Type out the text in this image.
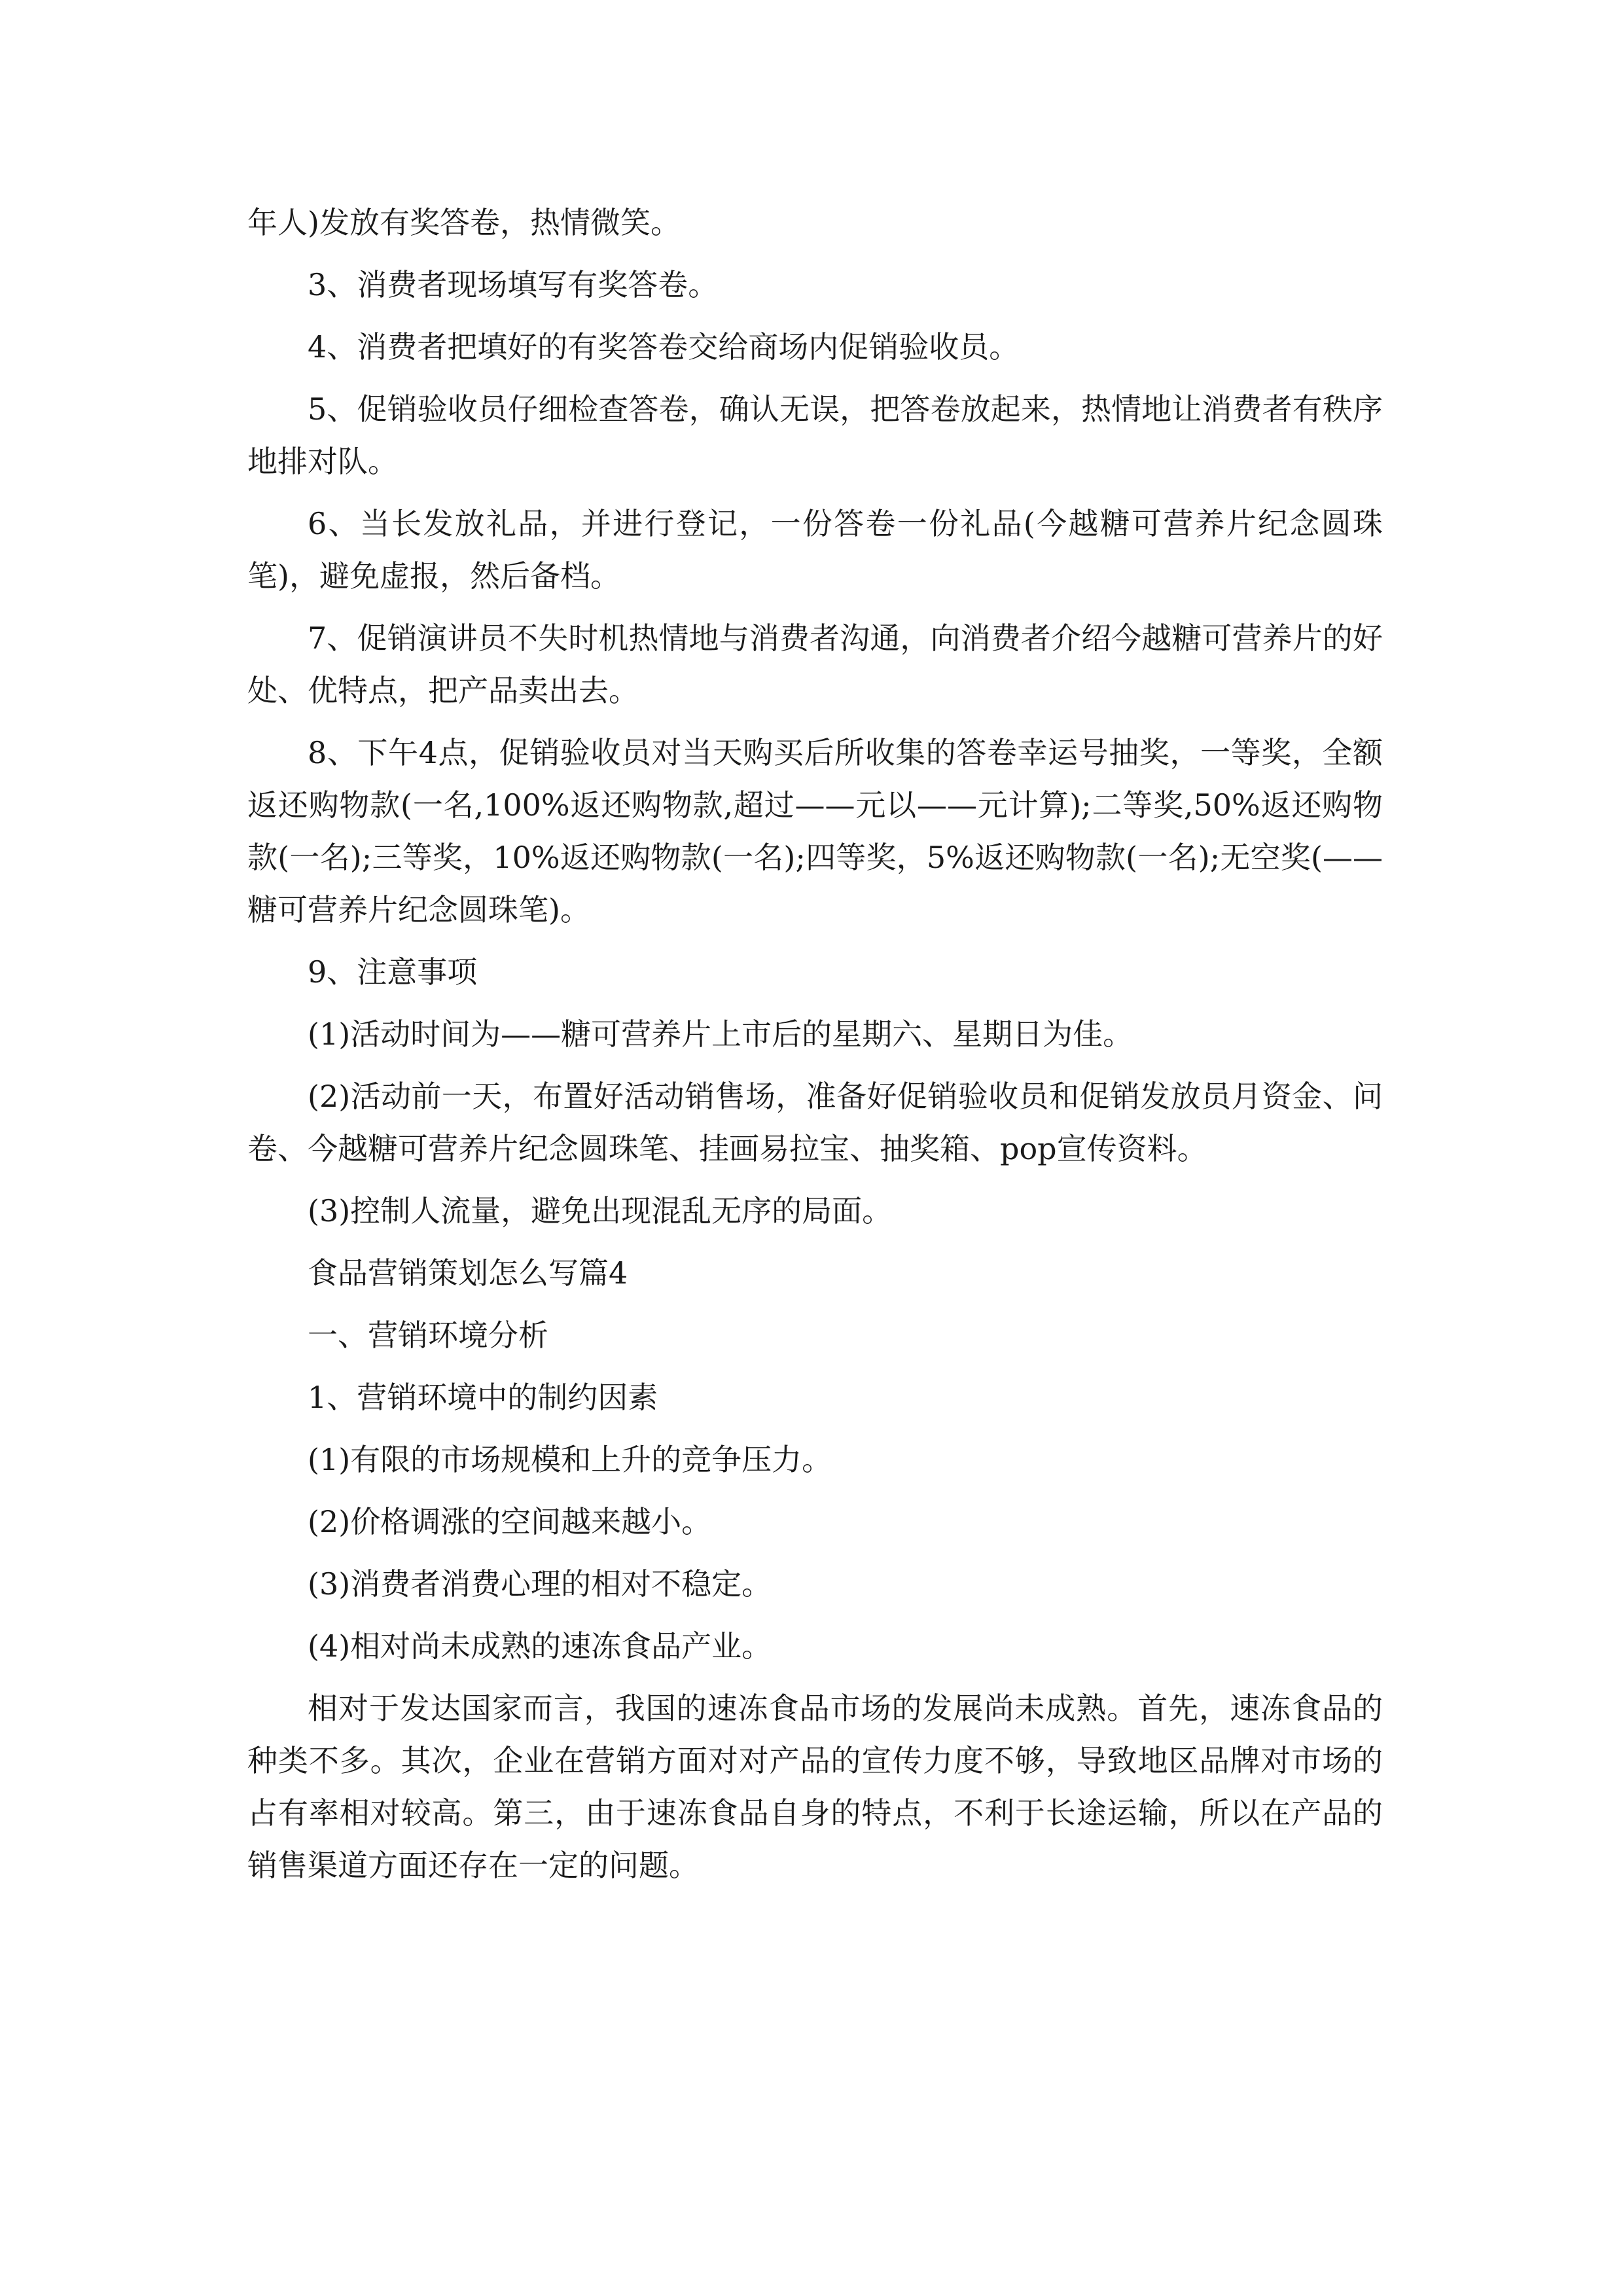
年人)发放有奖答卷，热情微笑。

3、消费者现场填写有奖答卷。

4、消费者把填好的有奖答卷交给商场内促销验收员。

5、促销验收员仔细检查答卷，确认无误，把答卷放起来，热情地让消费者有秩序地排对队。

6、当长发放礼品，并进行登记，一份答卷一份礼品(今越糖可营养片纪念圆珠笔)，避免虚报，然后备档。

7、促销演讲员不失时机热情地与消费者沟通，向消费者介绍今越糖可营养片的好处、优特点，把产品卖出去。

8、下午4点，促销验收员对当天购买后所收集的答卷幸运号抽奖，一等奖，全额返还购物款(一名,100%返还购物款,超过——元以——元计算);二等奖,50%返还购物款(一名);三等奖，10%返还购物款(一名);四等奖，5%返还购物款(一名);无空奖(——糖可营养片纪念圆珠笔)。

9、注意事项

(1)活动时间为——糖可营养片上市后的星期六、星期日为佳。

(2)活动前一天，布置好活动销售场，准备好促销验收员和促销发放员月资金、问卷、今越糖可营养片纪念圆珠笔、挂画易拉宝、抽奖箱、pop宣传资料。

(3)控制人流量，避免出现混乱无序的局面。

食品营销策划怎么写篇4

一、营销环境分析

1、营销环境中的制约因素

(1)有限的市场规模和上升的竞争压力。

(2)价格调涨的空间越来越小。

(3)消费者消费心理的相对不稳定。

(4)相对尚未成熟的速冻食品产业。

相对于发达国家而言，我国的速冻食品市场的发展尚未成熟。首先，速冻食品的种类不多。其次，企业在营销方面对对产品的宣传力度不够，导致地区品牌对市场的占有率相对较高。第三，由于速冻食品自身的特点，不利于长途运输，所以在产品的销售渠道方面还存在一定的问题。
